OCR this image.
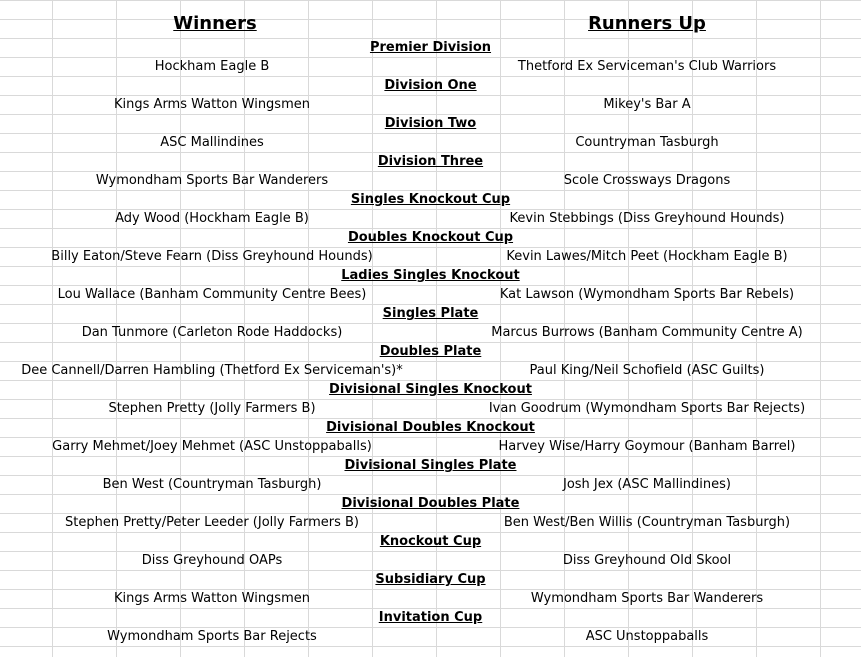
Winners	Runners Up
Premier Division
Hockham Eagle B	Thetford Ex Serviceman's Club Warriors
Division One
Kings Arms Watton Wingsmen	Mikey's Bar A
Division Two
ASC Mallindines	Countryman Tasburgh
Division Three
Wymondham Sports Bar Wanderers	Scole Crossways Dragons
Singles Knockout Cup
Ady Wood (Hockham Eagle B)	Kevin Stebbings (Diss Greyhound Hounds)
Doubles Knockout Cup
Billy Eaton/Steve Fearn (Diss Greyhound Hounds)	Kevin Lawes/Mitch Peet (Hockham Eagle B)
Ladies Singles Knockout
Lou Wallace (Banham Community Centre Bees)	Kat Lawson (Wymondham Sports Bar Rebels)
Singles Plate
Dan Tunmore (Carleton Rode Haddocks)	Marcus Burrows (Banham Community Centre A)
Doubles Plate
Dee Cannell/Darren Hambling (Thetford Ex Serviceman's)*	Paul King/Neil Schofield (ASC Guilts)
Divisional Singles Knockout
Stephen Pretty (Jolly Farmers B)	Ivan Goodrum (Wymondham Sports Bar Rejects)
Divisional Doubles Knockout
Garry Mehmet/Joey Mehmet (ASC Unstoppaballs)	Harvey Wise/Harry Goymour (Banham Barrel)
Divisional Singles Plate
Ben West (Countryman Tasburgh)	Josh Jex (ASC Mallindines)
Divisional Doubles Plate
Stephen Pretty/Peter Leeder (Jolly Farmers B)	Ben West/Ben Willis (Countryman Tasburgh)
Knockout Cup
Diss Greyhound OAPs	Diss Greyhound Old Skool
Subsidiary Cup
Kings Arms Watton Wingsmen	Wymondham Sports Bar Wanderers
Invitation Cup
Wymondham Sports Bar Rejects	ASC Unstoppaballs
